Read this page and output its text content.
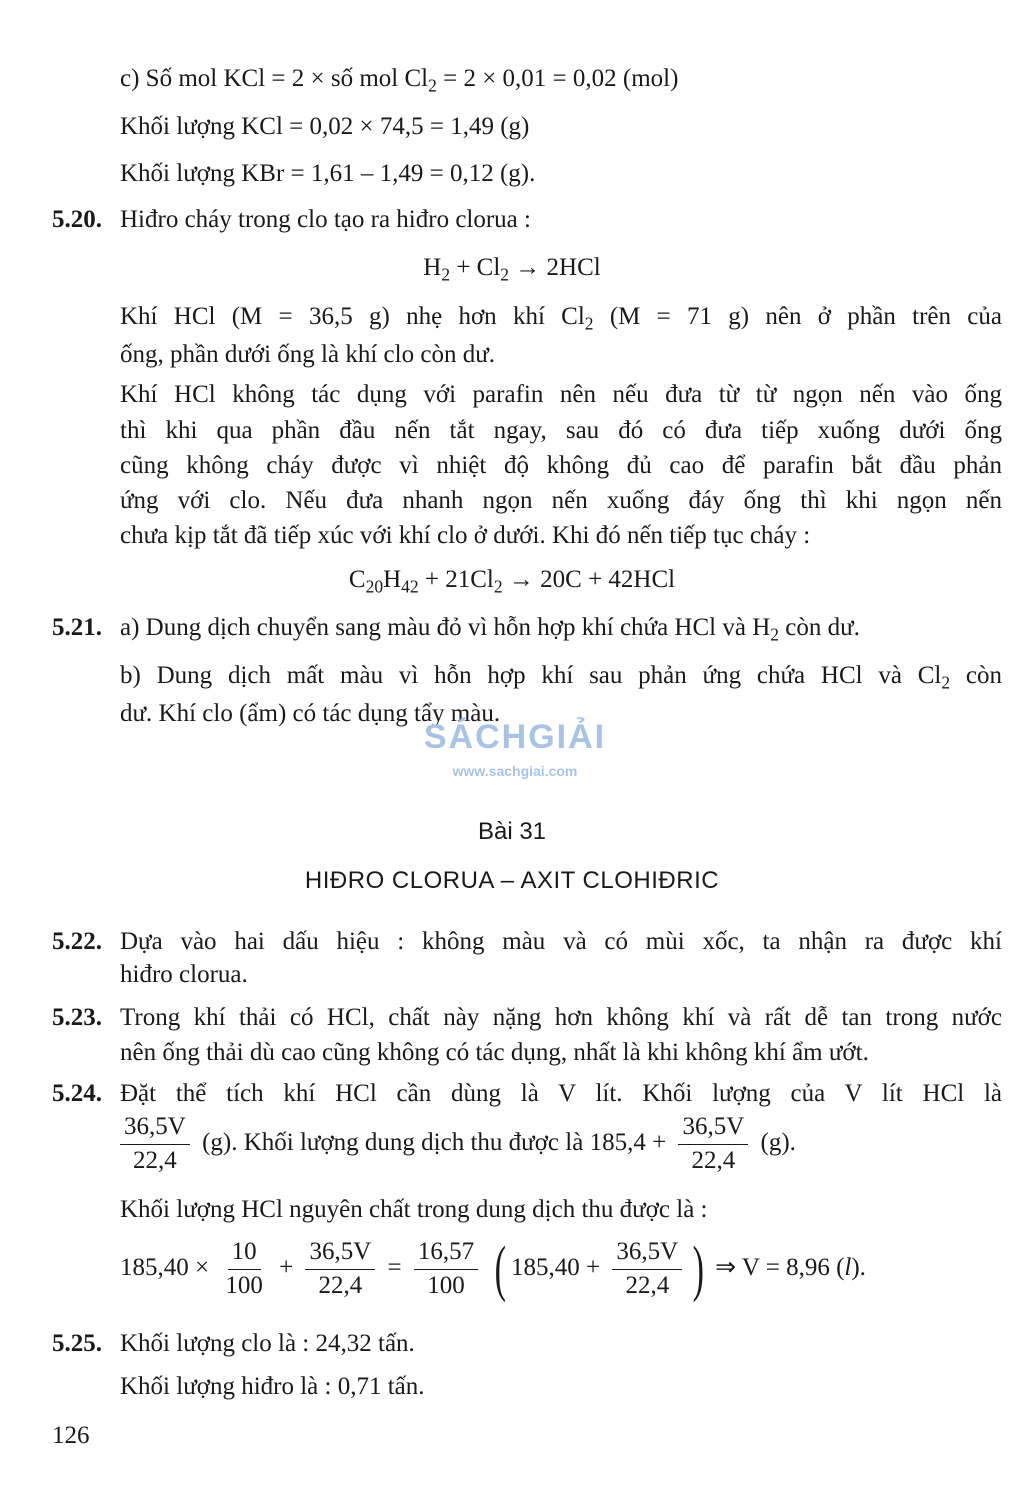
c) Số mol KCl = 2 × số mol $Cl_2 = 2 \times 0,01 = 0,02$ (mol)
Khối lượng KCl = 0,02 × 74,5 = 1,49 (g)
Khối lượng KBr = 1,61 – 1,49 = 0,12 (g).
5.20. Hiđro cháy trong clo tạo ra hiđro clorua :
$H_2 + Cl_2 \to 2HCl$
Khí HCl (M = 36,5 g) nhẹ hơn khí $Cl_2$ (M = 71 g) nên ở phần trên của
ống, phần dưới ống là khí clo còn dư.
Khí HCl không tác dụng với parafin nên nếu đưa từ từ ngọn nến vào ống
thì khi qua phần đầu nến tắt ngay, sau đó có đưa tiếp xuống dưới ống
cũng không cháy được vì nhiệt độ không đủ cao để parafin bắt đầu phản
ứng với clo. Nếu đưa nhanh ngọn nến xuống đáy ống thì khi ngọn nến
chưa kịp tắt đã tiếp xúc với khí clo ở dưới. Khi đó nến tiếp tục cháy :
$C_{20}H_{42} + 21Cl_2 \to 20C + 42HCl$
5.21. a) Dung dịch chuyển sang màu đỏ vì hỗn hợp khí chứa HCl và $H_2$ còn dư.
b) Dung dịch mất màu vì hỗn hợp khí sau phản ứng chứa HCl và $Cl_2$ còn
dư. Khí clo (ẩm) có tác dụng tẩy màu.
SÁCHGIẢI
www.sachgiai.com
Bài 31
HIĐRO CLORUA – AXIT CLOHIĐRIC
5.22. Dựa vào hai dấu hiệu : không màu và có mùi xốc, ta nhận ra được khí
hiđro clorua.
5.23. Trong khí thải có HCl, chất này nặng hơn không khí và rất dễ tan trong nước
nên ống thải dù cao cũng không có tác dụng, nhất là khi không khí ẩm ướt.
5.24. Đặt thể tích khí HCl cần dùng là V lít. Khối lượng của V lít HCl là
$\frac{36,5V}{22,4} (g)$. Khối lượng dung dịch thu được là $185,4 + \frac{36,5V}{22,4} (g)$.
Khối lượng HCl nguyên chất trong dung dịch thu được là :
$185,40 \times \frac{10}{100} + \frac{36,5V}{22,4} = \frac{16,57}{100}$ ( $185,40 + \frac{36,5V}{22,4}$ ) ⇒ V = 8,96 (l).
5.25. Khối lượng clo là : 24,32 tấn.
Khối lượng hiđro là : 0,71 tấn.
126
